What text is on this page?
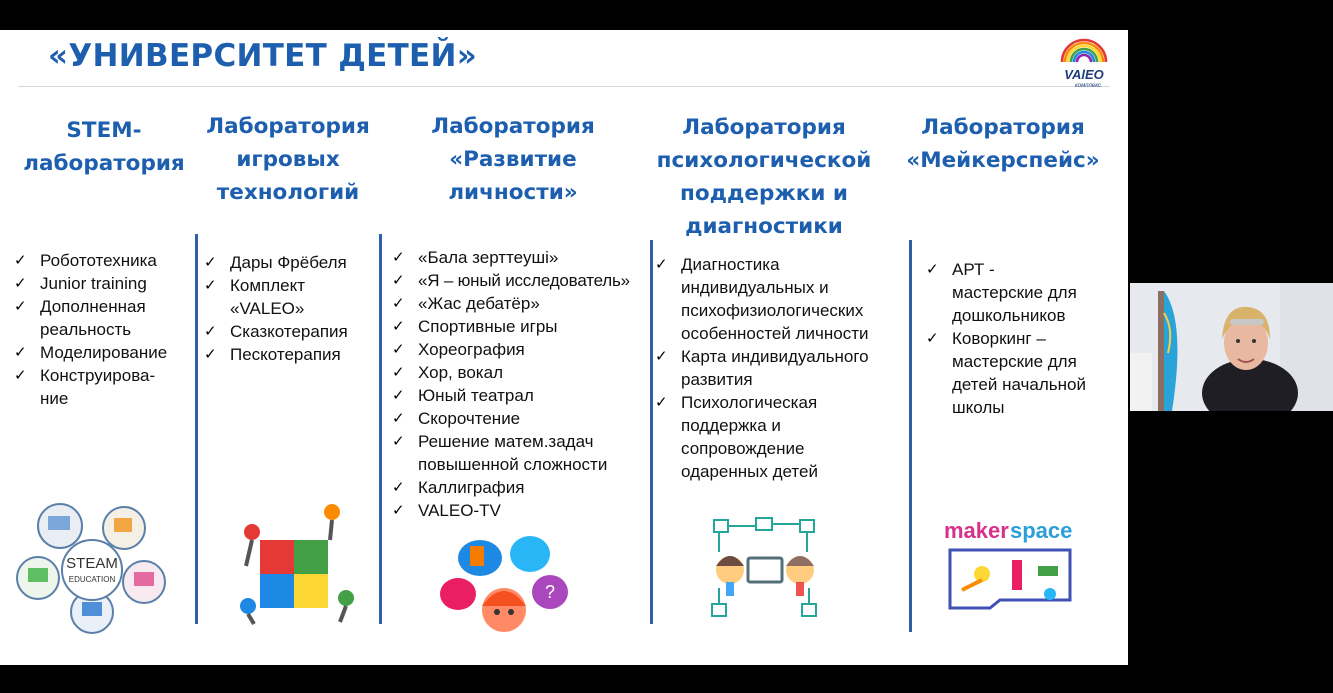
«УНИВЕРСИТЕТ ДЕТЕЙ»
VAlEO
комплекс
STEM-
лаборатория
✓ Робототехника
✓ Junior training
✓ Дополненная реальность
✓ Моделирование
✓ Конструирова-ние
STEAM
EDUCATION
Лаборатория
игровых
технологий
✓ Дары Фрёбеля
✓ Комплект «VALEO»
✓ Сказкотерапия
✓ Пескотерапия
Лаборатория
«Развитие
личности»
✓ «Бала зерттеуші»
✓ «Я – юный исследователь»
✓ «Жас дебатёр»
✓ Спортивные игры
✓ Хореография
✓ Хор, вокал
✓ Юный театрал
✓ Скорочтение
✓ Решение матем.задач повышенной сложности
✓ Каллиграфия
✓ VALEO-TV
?
Лаборатория
психологической
поддержки и
диагностики
✓ Диагностика индивидуальных и психофизиологических особенностей личности
✓ Карта индивидуального развития
✓ Психологическая поддержка и сопровождение одаренных детей
Лаборатория
«Мейкерспейс»
✓ АРТ - мастерские для дошкольников
✓ Коворкинг – мастерские для детей начальной школы
maker space
